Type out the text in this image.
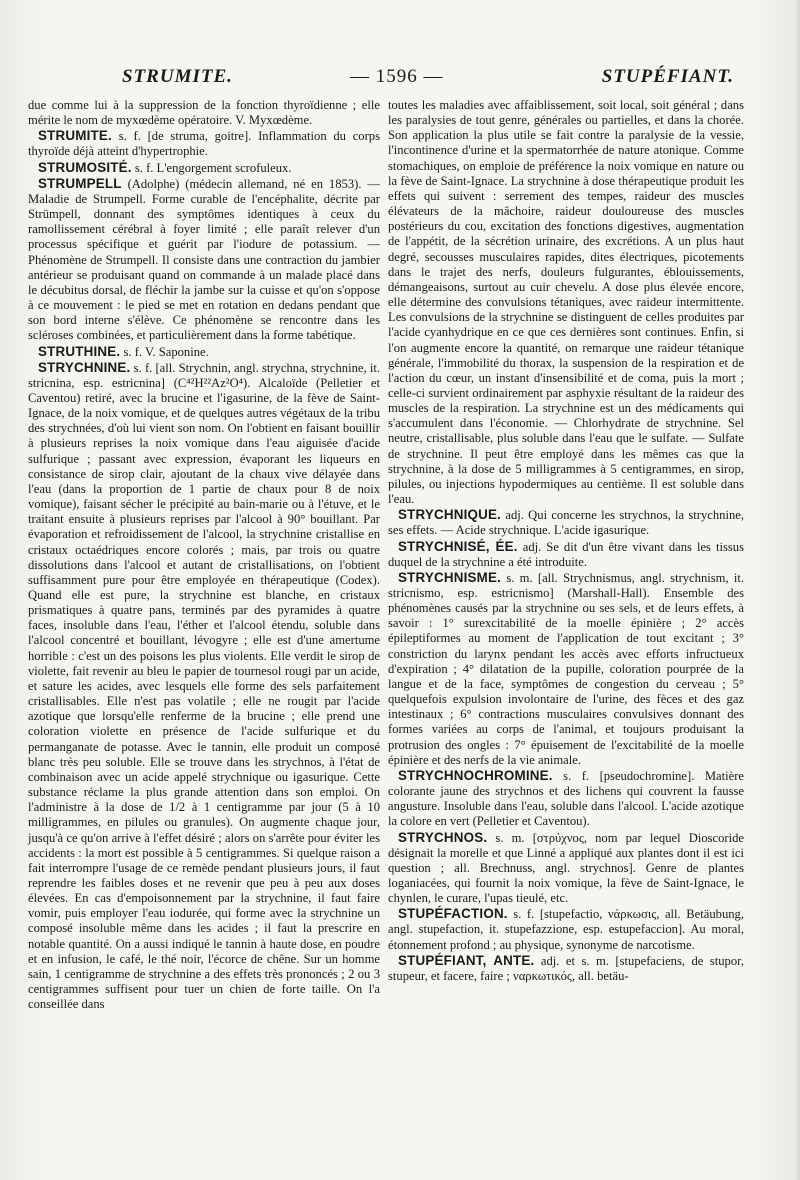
STRUMITE.	— 1596 —	STUPÉFIANT.

due comme lui à la suppression de la fonction thyroïdienne ; elle mérite le nom de myxœdème opératoire. V. Myxœdème.

STRUMITE. s. f. [de struma, goitre]. Inflammation du corps thyroïde déjà atteint d'hypertrophie.

STRUMOSITÉ. s. f. L'engorgement scrofuleux.

STRUMPELL (Adolphe) (médecin allemand, né en 1853). — Maladie de Strumpell. Forme curable de l'encéphalite, décrite par Strümpell, donnant des symptômes identiques à ceux du ramollissement cérébral à foyer limité ; elle paraît relever d'un processus spécifique et guérit par l'iodure de potassium. — Phénomène de Strumpell. Il consiste dans une contraction du jambier antérieur se produisant quand on commande à un malade placé dans le décubitus dorsal, de fléchir la jambe sur la cuisse et qu'on s'oppose à ce mouvement : le pied se met en rotation en dedans pendant que son bord interne s'élève. Ce phénomène se rencontre dans les scléroses combinées, et particulièrement dans la forme tabétique.

STRUTHINE. s. f. V. Saponine.

STRYCHNINE. s. f. [all. Strychnin, angl. strychna, strychnine, it. stricnina, esp. estricnina] (C⁴²H²²Az²O⁴). Alcaloïde (Pelletier et Caventou) retiré, avec la brucine et l'igasurine, de la fève de Saint-Ignace, de la noix vomique, et de quelques autres végétaux de la tribu des strychnées, d'où lui vient son nom. On l'obtient en faisant bouillir à plusieurs reprises la noix vomique dans l'eau aiguisée d'acide sulfurique ; passant avec expression, évaporant les liqueurs en consistance de sirop clair, ajoutant de la chaux vive délayée dans l'eau (dans la proportion de 1 partie de chaux pour 8 de noix vomique), faisant sécher le précipité au bain-marie ou à l'étuve, et le traitant ensuite à plusieurs reprises par l'alcool à 90° bouillant. Par évaporation et refroidissement de l'alcool, la strychnine cristallise en cristaux octaédriques encore colorés ; mais, par trois ou quatre dissolutions dans l'alcool et autant de cristallisations, on l'obtient suffisamment pure pour être employée en thérapeutique (Codex). Quand elle est pure, la strychnine est blanche, en cristaux prismatiques à quatre pans, terminés par des pyramides à quatre faces, insoluble dans l'eau, l'éther et l'alcool étendu, soluble dans l'alcool concentré et bouillant, lévogyre ; elle est d'une amertume horrible : c'est un des poisons les plus violents. Elle verdit le sirop de violette, fait revenir au bleu le papier de tournesol rougi par un acide, et sature les acides, avec lesquels elle forme des sels parfaitement cristallisables. Elle n'est pas volatile ; elle ne rougit par l'acide azotique que lorsqu'elle renferme de la brucine ; elle prend une coloration violette en présence de l'acide sulfurique et du permanganate de potasse. Avec le tannin, elle produit un composé blanc très peu soluble. Elle se trouve dans les strychnos, à l'état de combinaison avec un acide appelé strychnique ou igasurique. Cette substance réclame la plus grande attention dans son emploi. On l'administre à la dose de 1/2 à 1 centigramme par jour (5 à 10 milligrammes, en pilules ou granules). On augmente chaque jour, jusqu'à ce qu'on arrive à l'effet désiré ; alors on s'arrête pour éviter les accidents : la mort est possible à 5 centigrammes. Si quelque raison a fait interrompre l'usage de ce remède pendant plusieurs jours, il faut reprendre les faibles doses et ne revenir que peu à peu aux doses élevées. En cas d'empoisonnement par la strychnine, il faut faire vomir, puis employer l'eau iodurée, qui forme avec la strychnine un composé insoluble même dans les acides ; il faut la prescrire en notable quantité. On a aussi indiqué le tannin à haute dose, en poudre et en infusion, le café, le thé noir, l'écorce de chêne. Sur un homme sain, 1 centigramme de strychnine a des effets très prononcés ; 2 ou 3 centigrammes suffisent pour tuer un chien de forte taille. On l'a conseillée dans

toutes les maladies avec affaiblissement, soit local, soit général ; dans les paralysies de tout genre, générales ou partielles, et dans la chorée. Son application la plus utile se fait contre la paralysie de la vessie, l'incontinence d'urine et la spermatorrhée de nature atonique. Comme stomachiques, on emploie de préférence la noix vomique en nature ou la fève de Saint-Ignace. La strychnine à dose thérapeutique produit les effets qui suivent : serrement des tempes, raideur des muscles élévateurs de la mâchoire, raideur douloureuse des muscles postérieurs du cou, excitation des fonctions digestives, augmentation de l'appétit, de la sécrétion urinaire, des excrétions. A un plus haut degré, secousses musculaires rapides, dites électriques, picotements dans le trajet des nerfs, douleurs fulgurantes, éblouissements, démangeaisons, surtout au cuir chevelu. A dose plus élevée encore, elle détermine des convulsions tétaniques, avec raideur intermittente. Les convulsions de la strychnine se distinguent de celles produites par l'acide cyanhydrique en ce que ces dernières sont continues. Enfin, si l'on augmente encore la quantité, on remarque une raideur tétanique générale, l'immobilité du thorax, la suspension de la respiration et de l'action du cœur, un instant d'insensibilité et de coma, puis la mort ; celle-ci survient ordinairement par asphyxie résultant de la raideur des muscles de la respiration. La strychnine est un des médicaments qui s'accumulent dans l'économie. — Chlorhydrate de strychnine. Sel neutre, cristallisable, plus soluble dans l'eau que le sulfate. — Sulfate de strychnine. Il peut être employé dans les mêmes cas que la strychnine, à la dose de 5 milligrammes à 5 centigrammes, en sirop, pilules, ou injections hypodermiques au centième. Il est soluble dans l'eau.

STRYCHNIQUE. adj. Qui concerne les strychnos, la strychnine, ses effets. — Acide strychnique. L'acide igasurique.

STRYCHNISÉ, ÉE. adj. Se dit d'un être vivant dans les tissus duquel de la strychnine a été introduite.

STRYCHNISME. s. m. [all. Strychnismus, angl. strychnism, it. stricnismo, esp. estricnismo] (Marshall-Hall). Ensemble des phénomènes causés par la strychnine ou ses sels, et de leurs effets, à savoir : 1° surexcitabilité de la moelle épinière ; 2° accès épileptiformes au moment de l'application de tout excitant ; 3° constriction du larynx pendant les accès avec efforts infructueux d'expiration ; 4° dilatation de la pupille, coloration pourprée de la langue et de la face, symptômes de congestion du cerveau ; 5° quelquefois expulsion involontaire de l'urine, des fèces et des gaz intestinaux ; 6° contractions musculaires convulsives donnant des formes variées au corps de l'animal, et toujours produisant la protrusion des ongles : 7° épuisement de l'excitabilité de la moelle épinière et des nerfs de la vie animale.

STRYCHNOCHROMINE. s. f. [pseudochromine]. Matière colorante jaune des strychnos et des lichens qui couvrent la fausse angusture. Insoluble dans l'eau, soluble dans l'alcool. L'acide azotique la colore en vert (Pelletier et Caventou).

STRYCHNOS. s. m. [στρύχνος, nom par lequel Dioscoride désignait la morelle et que Linné a appliqué aux plantes dont il est ici question ; all. Brechnuss, angl. strychnos]. Genre de plantes loganiacées, qui fournit la noix vomique, la fève de Saint-Ignace, le chynlen, le curare, l'upas tieulé, etc.

STUPÉFACTION. s. f. [stupefactio, νάρκωσις, all. Betäubung, angl. stupefaction, it. stupefazzione, esp. estupefaccion]. Au moral, étonnement profond ; au physique, synonyme de narcotisme.

STUPÉFIANT, ANTE. adj. et s. m. [stupefaciens, de stupor, stupeur, et facere, faire ; ναρκωτικός, all. betäu-
